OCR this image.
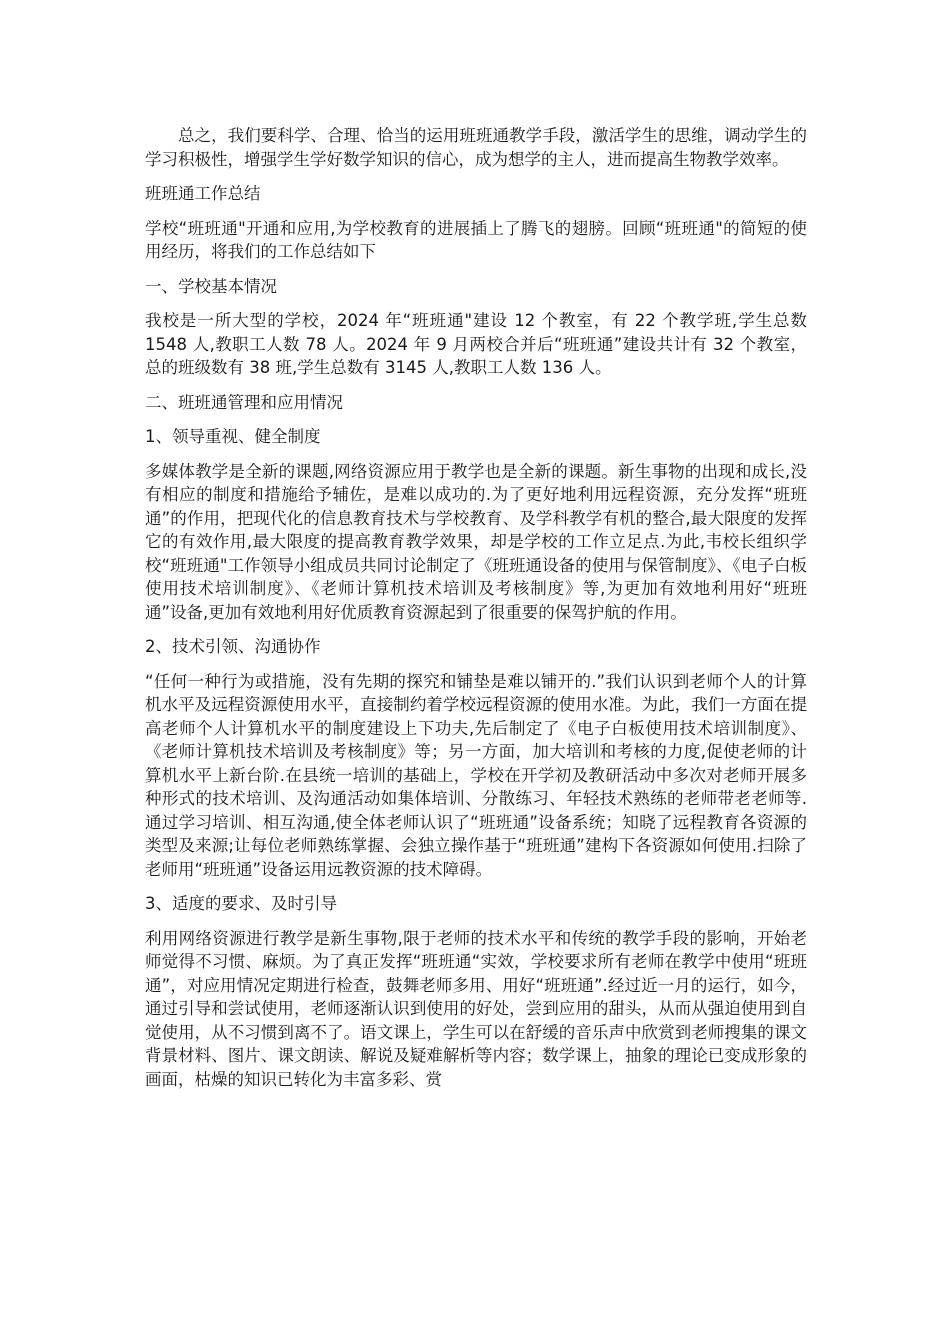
总之，我们要科学、合理、恰当的运用班班通教学手段，激活学生的思维，调动学生的学习积极性，增强学生学好数学知识的信心，成为想学的主人，进而提高生物教学效率。

班班通工作总结

学校“班班通"开通和应用,为学校教育的进展插上了腾飞的翅膀。回顾“班班通"的简短的使用经历，将我们的工作总结如下

一、学校基本情况

我校是一所大型的学校，2024 年“班班通"建设 12 个教室，有 22 个教学班,学生总数 1548 人,教职工人数 78 人。2024 年 9 月两校合并后“班班通”建设共计有 32 个教室，总的班级数有 38 班,学生总数有 3145 人,教职工人数 136 人。

二、班班通管理和应用情况

1、领导重视、健全制度

多媒体教学是全新的课题,网络资源应用于教学也是全新的课题。新生事物的出现和成长,没有相应的制度和措施给予辅佐，是难以成功的.为了更好地利用远程资源，充分发挥“班班通”的作用，把现代化的信息教育技术与学校教育、及学科教学有机的整合,最大限度的发挥它的有效作用,最大限度的提高教育教学效果，却是学校的工作立足点.为此,韦校长组织学校“班班通"工作领导小组成员共同讨论制定了《班班通设备的使用与保管制度》、《电子白板使用技术培训制度》、《老师计算机技术培训及考核制度》等,为更加有效地利用好“班班通”设备,更加有效地利用好优质教育资源起到了很重要的保驾护航的作用。

2、技术引领、沟通协作

“任何一种行为或措施，没有先期的探究和铺垫是难以铺开的.”我们认识到老师个人的计算机水平及远程资源使用水平，直接制约着学校远程资源的使用水准。为此，我们一方面在提高老师个人计算机水平的制度建设上下功夫,先后制定了《电子白板使用技术培训制度》、《老师计算机技术培训及考核制度》等；另一方面，加大培训和考核的力度,促使老师的计算机水平上新台阶.在县统一培训的基础上，学校在开学初及教研活动中多次对老师开展多种形式的技术培训、及沟通活动如集体培训、分散练习、年轻技术熟练的老师带老老师等.通过学习培训、相互沟通,使全体老师认识了“班班通”设备系统；知晓了远程教育各资源的类型及来源;让每位老师熟练掌握、会独立操作基于“班班通”建构下各资源如何使用.扫除了老师用“班班通”设备运用远教资源的技术障碍。

3、适度的要求、及时引导

利用网络资源进行教学是新生事物,限于老师的技术水平和传统的教学手段的影响，开始老师觉得不习惯、麻烦。为了真正发挥“班班通“实效，学校要求所有老师在教学中使用“班班通”，对应用情况定期进行检查，鼓舞老师多用、用好“班班通”.经过近一月的运行，如今，通过引导和尝试使用，老师逐渐认识到使用的好处，尝到应用的甜头，从而从强迫使用到自觉使用，从不习惯到离不了。语文课上，学生可以在舒缓的音乐声中欣赏到老师搜集的课文背景材料、图片、课文朗读、解说及疑难解析等内容；数学课上，抽象的理论已变成形象的画面，枯燥的知识已转化为丰富多彩、赏
